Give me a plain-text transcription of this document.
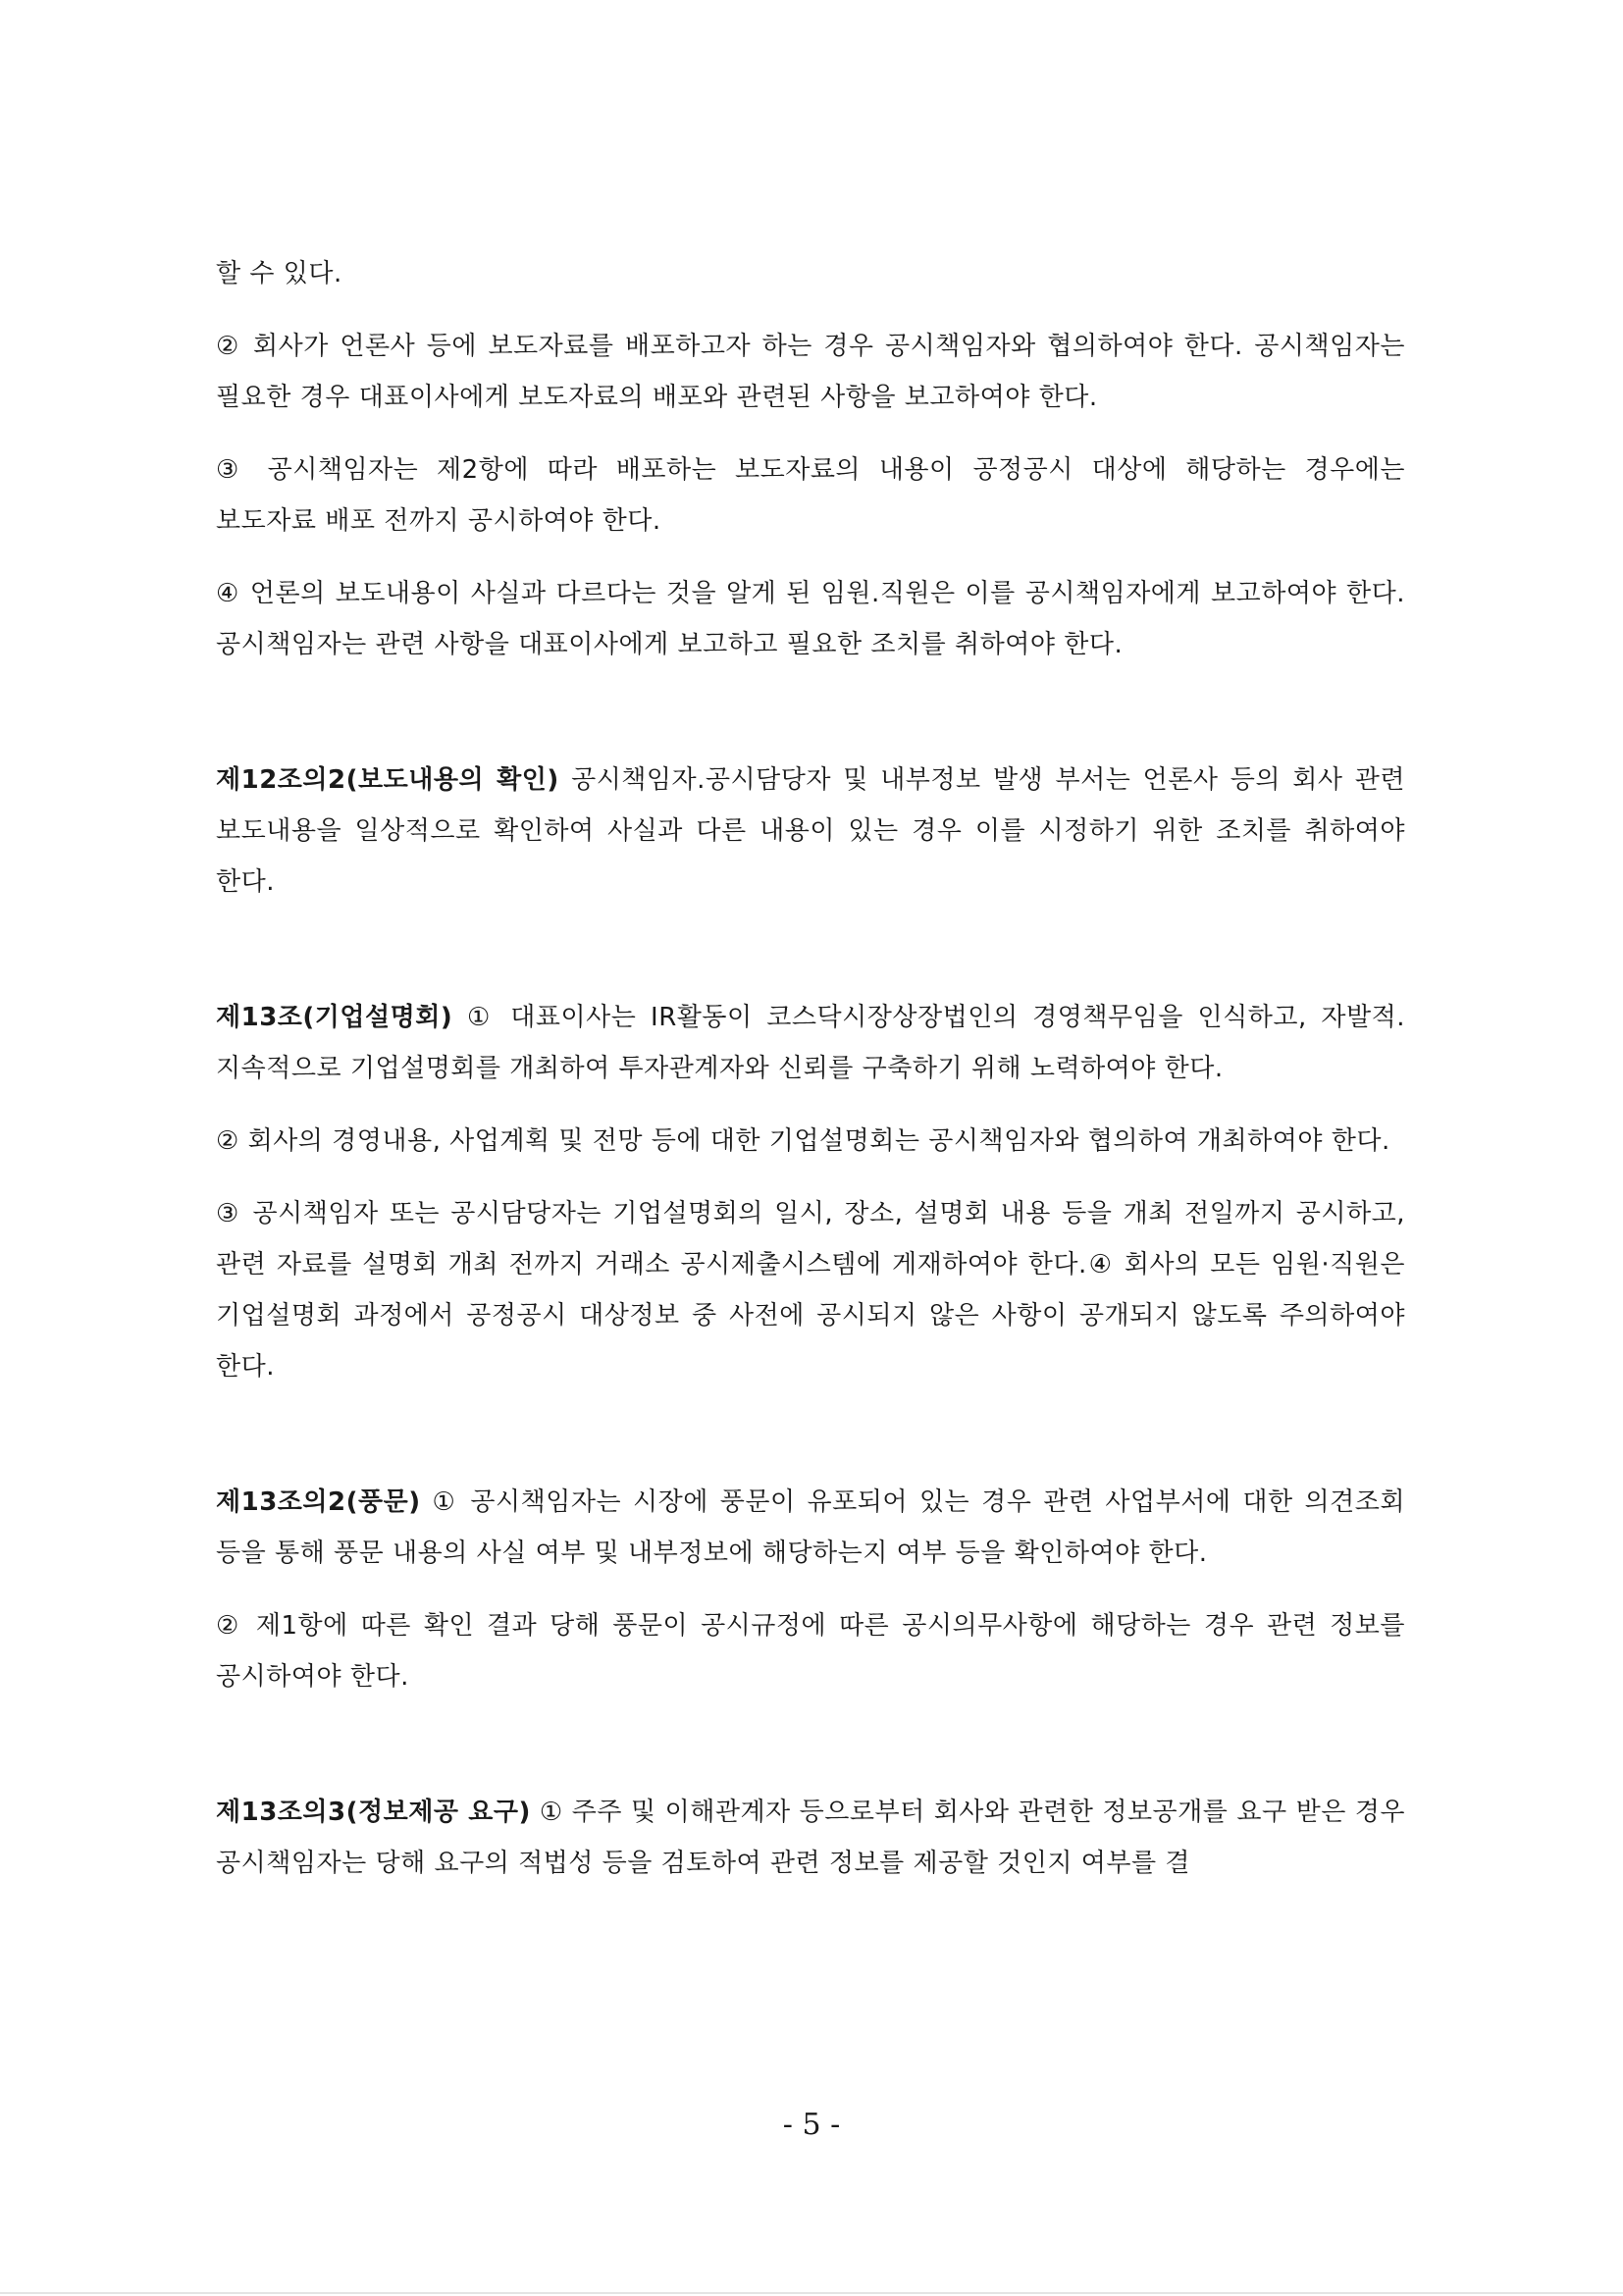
할 수 있다.

② 회사가 언론사 등에 보도자료를 배포하고자 하는 경우 공시책임자와 협의하여야 한다. 공시책임자는 필요한 경우 대표이사에게 보도자료의 배포와 관련된 사항을 보고하여야 한다.

③ 공시책임자는 제2항에 따라 배포하는 보도자료의 내용이 공정공시 대상에 해당하는 경우에는 보도자료 배포 전까지 공시하여야 한다.

④ 언론의 보도내용이 사실과 다르다는 것을 알게 된 임원.직원은 이를 공시책임자에게 보고하여야 한다. 공시책임자는 관련 사항을 대표이사에게 보고하고 필요한 조치를 취하여야 한다.

제12조의2(보도내용의 확인) 공시책임자.공시담당자 및 내부정보 발생 부서는 언론사 등의 회사 관련 보도내용을 일상적으로 확인하여 사실과 다른 내용이 있는 경우 이를 시정하기 위한 조치를 취하여야 한다.

제13조(기업설명회) ① 대표이사는 IR활동이 코스닥시장상장법인의 경영책무임을 인식하고, 자발적.지속적으로 기업설명회를 개최하여 투자관계자와 신뢰를 구축하기 위해 노력하여야 한다.

② 회사의 경영내용, 사업계획 및 전망 등에 대한 기업설명회는 공시책임자와 협의하여 개최하여야 한다.

③ 공시책임자 또는 공시담당자는 기업설명회의 일시, 장소, 설명회 내용 등을 개최 전일까지 공시하고, 관련 자료를 설명회 개최 전까지 거래소 공시제출시스템에 게재하여야 한다.④ 회사의 모든 임원·직원은 기업설명회 과정에서 공정공시 대상정보 중 사전에 공시되지 않은 사항이 공개되지 않도록 주의하여야 한다.

제13조의2(풍문) ① 공시책임자는 시장에 풍문이 유포되어 있는 경우 관련 사업부서에 대한 의견조회 등을 통해 풍문 내용의 사실 여부 및 내부정보에 해당하는지 여부 등을 확인하여야 한다.

② 제1항에 따른 확인 결과 당해 풍문이 공시규정에 따른 공시의무사항에 해당하는 경우 관련 정보를 공시하여야 한다.

제13조의3(정보제공 요구) ① 주주 및 이해관계자 등으로부터 회사와 관련한 정보공개를 요구 받은 경우 공시책임자는 당해 요구의 적법성 등을 검토하여 관련 정보를 제공할 것인지 여부를 결

- 5 -
